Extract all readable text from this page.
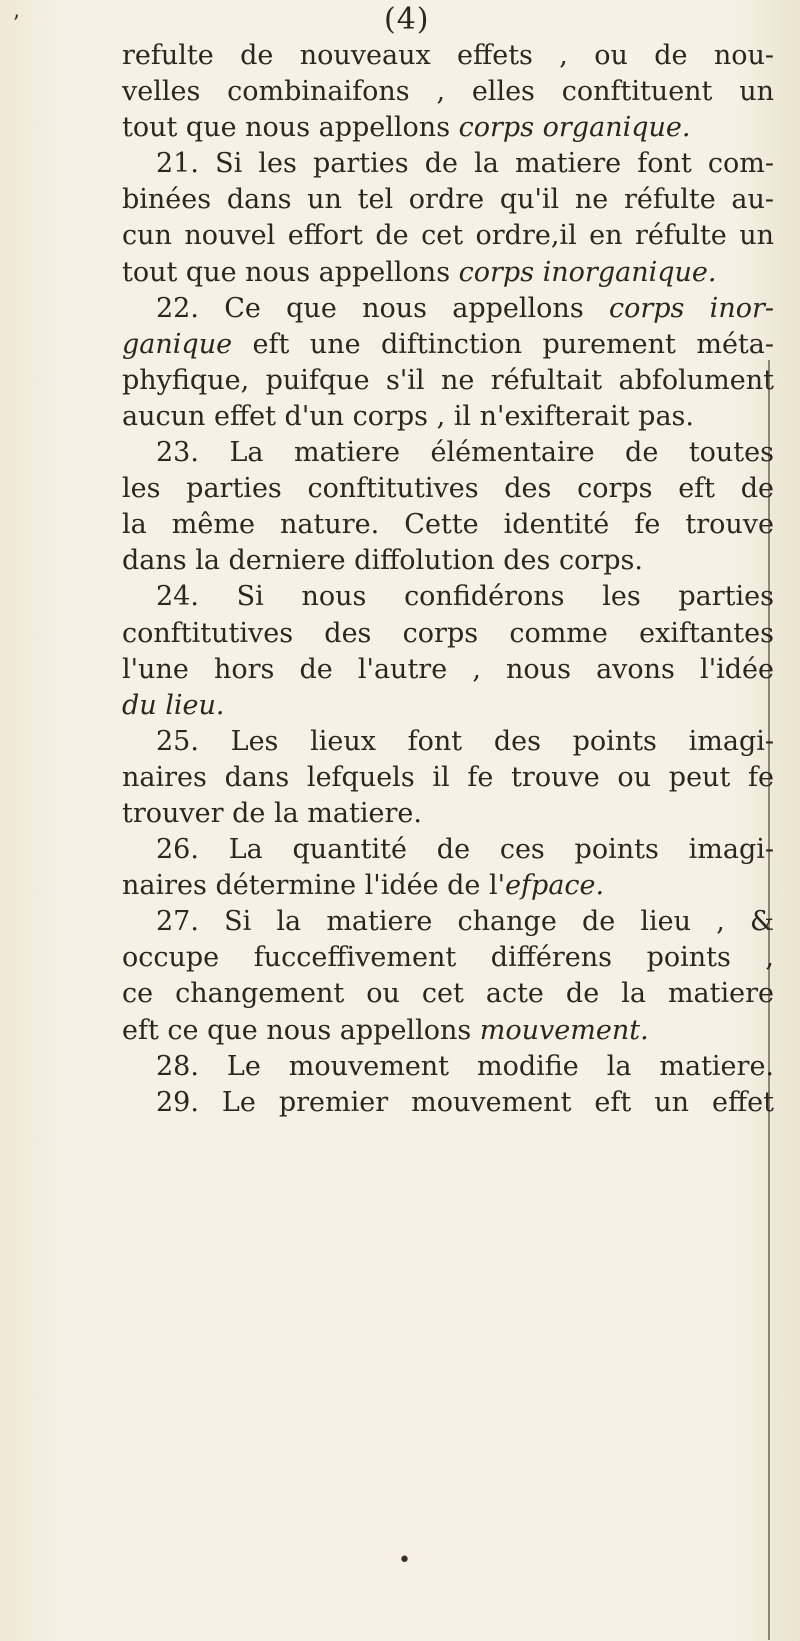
(4)
ʼ
refulte de nouveaux effets , ou de nou-
velles combinaifons , elles conftituent un
tout que nous appellons corps organique.
21. Si les parties de la matiere font com-
binées dans un tel ordre qu'il ne réfulte au-
cun nouvel effort de cet ordre,il en réfulte un
tout que nous appellons corps inorganique.
22. Ce que nous appellons corps inor-
ganique eft une diftinction purement méta-
phyfique, puifque s'il ne réfultait abfolument
aucun effet d'un corps , il n'exifterait pas.
23. La matiere élémentaire de toutes
les parties conftitutives des corps eft de
la même nature. Cette identité fe trouve
dans la derniere diffolution des corps.
24. Si nous confidérons les parties
conftitutives des corps comme exiftantes
l'une hors de l'autre , nous avons l'idée
du lieu.
25. Les lieux font des points imagi-
naires dans lefquels il fe trouve ou peut fe
trouver de la matiere.
26. La quantité de ces points imagi-
naires détermine l'idée de l'efpace.
27. Si la matiere change de lieu , &
occupe fucceffivement différens points ,
ce changement ou cet acte de la matiere
eft ce que nous appellons mouvement.
28. Le mouvement modifie la matiere.
29. Le premier mouvement eft un effet
•
